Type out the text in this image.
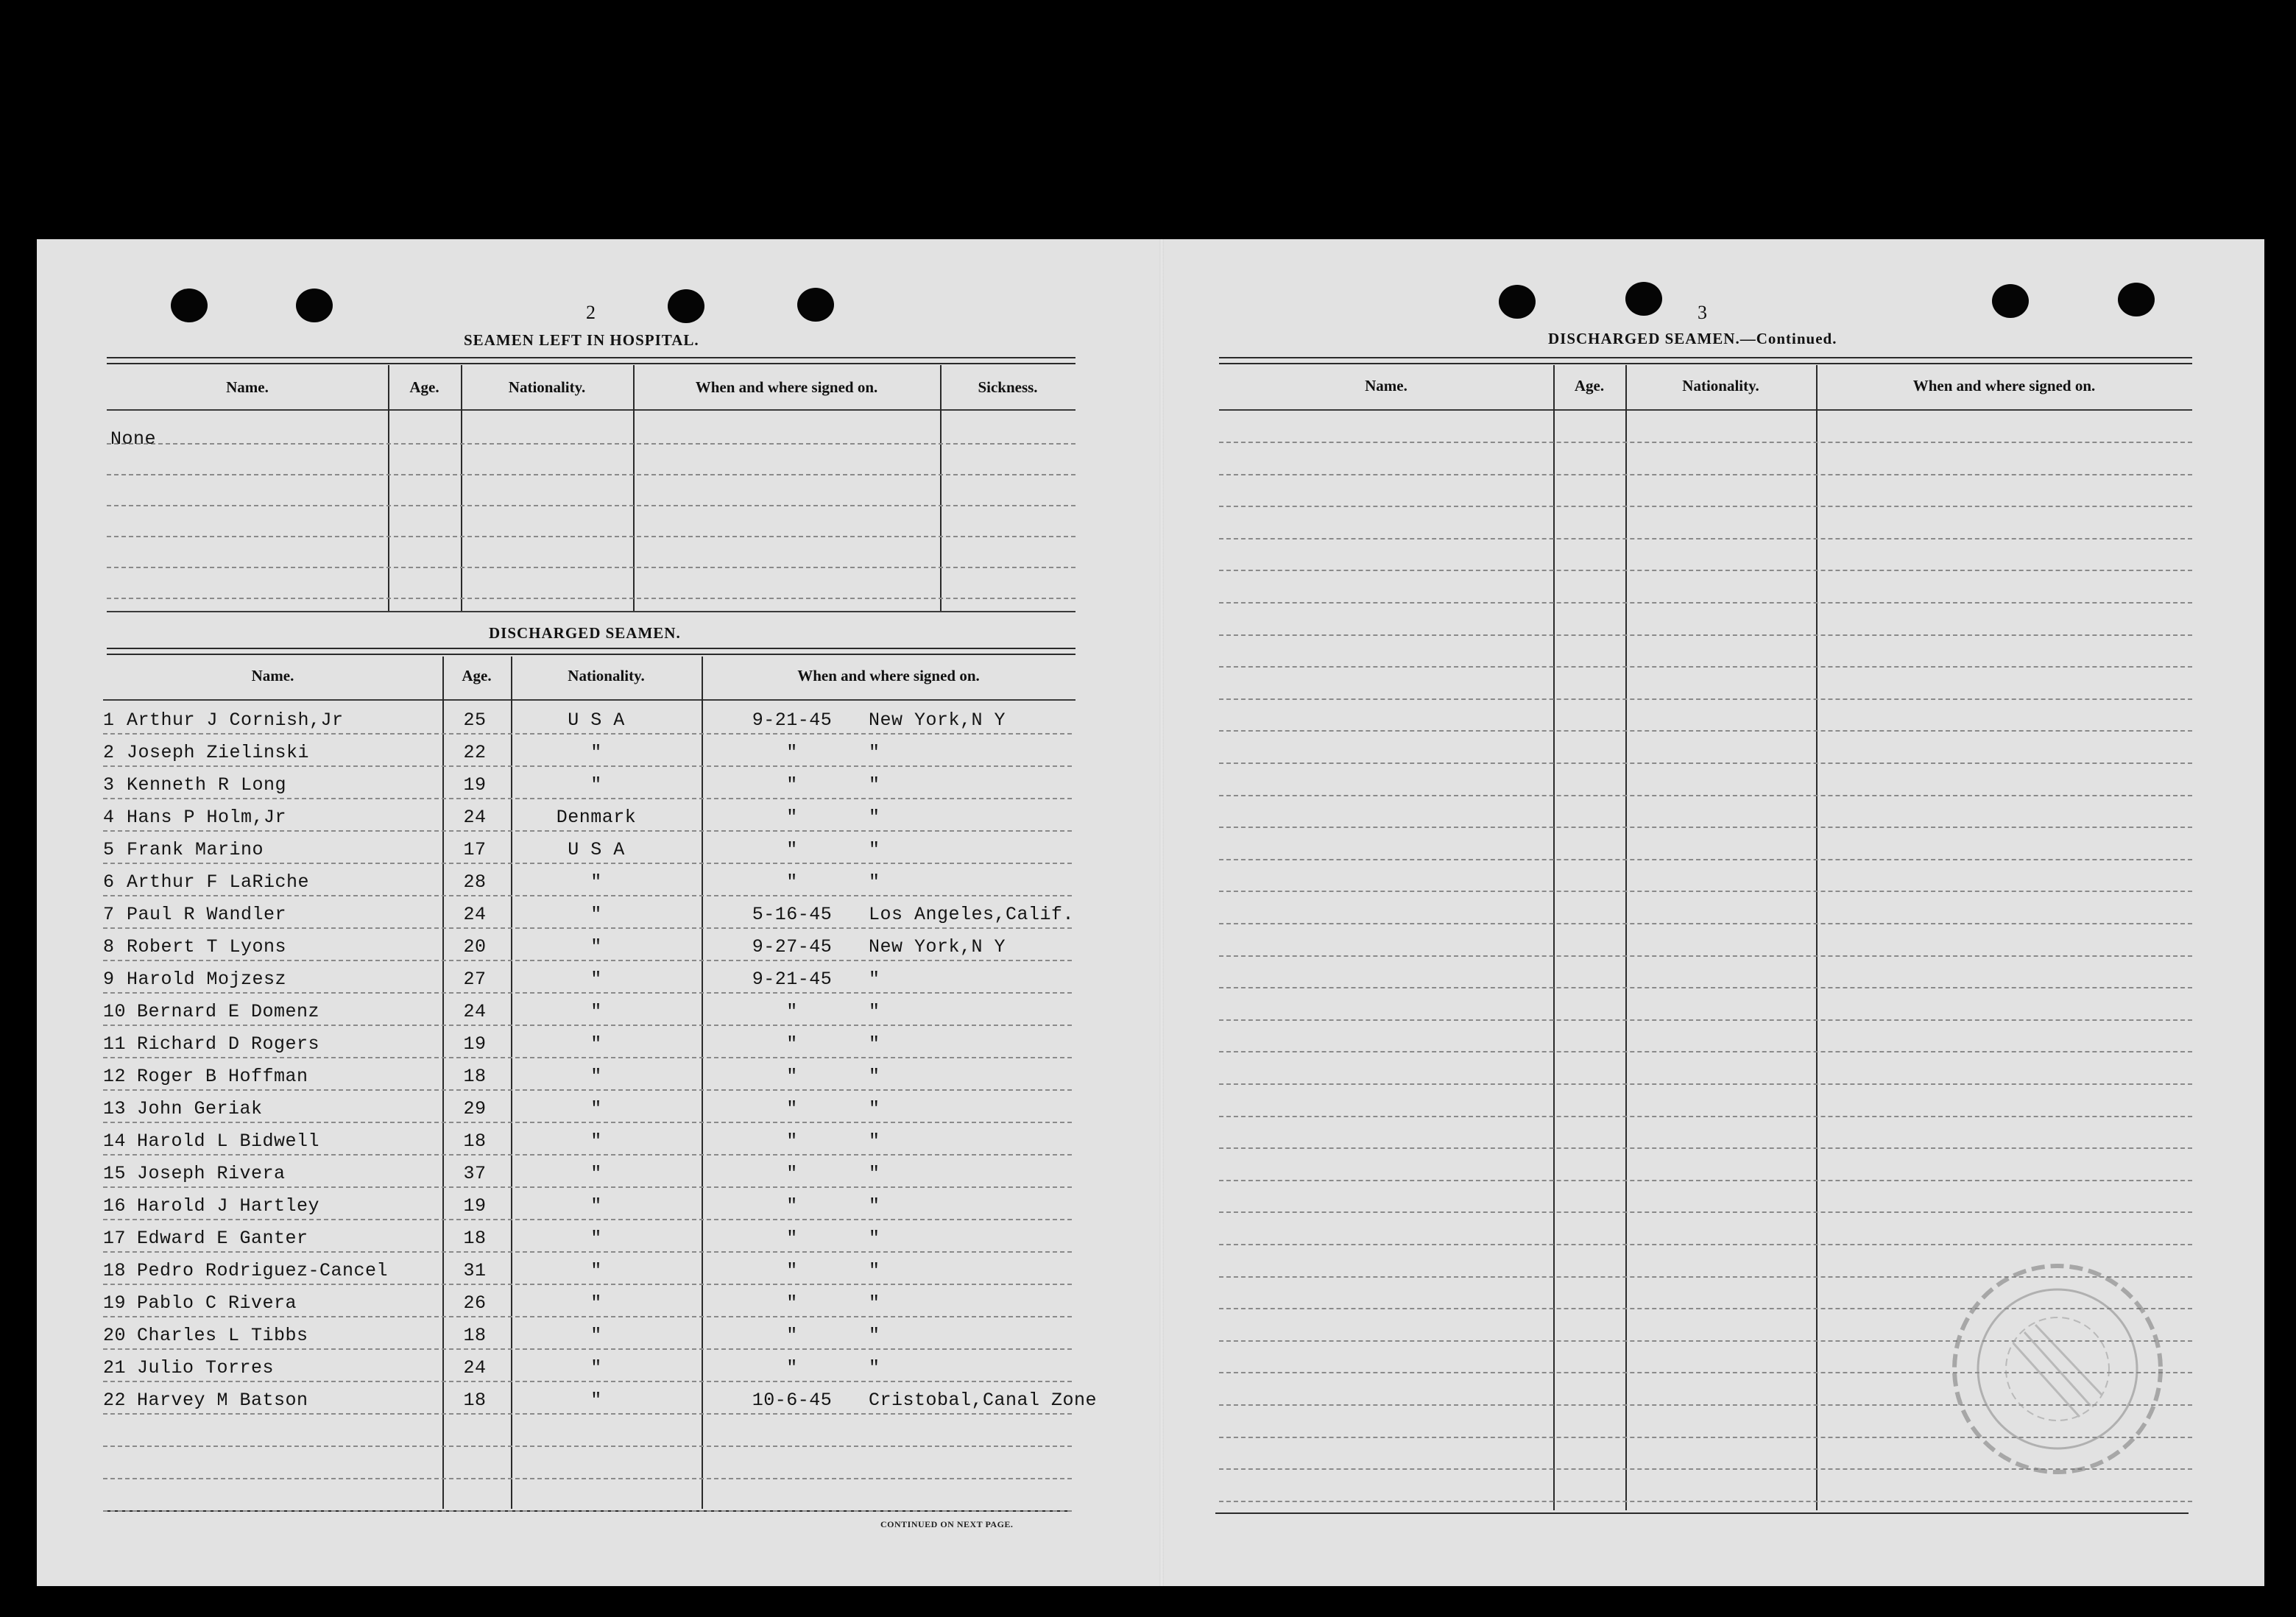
2
SEAMEN LEFT IN HOSPITAL.
Name.	Age.	Nationality.	When and where signed on.	Sickness.
None
DISCHARGED SEAMEN.
Name.	Age.	Nationality.	When and where signed on.
1 Arthur J Cornish,Jr	25	U S A	9-21-45	New York,N Y
2 Joseph Zielinski	22	"	"	"
3 Kenneth R Long	19	"	"	"
4 Hans P Holm,Jr	24	Denmark	"	"
5 Frank Marino	17	U S A	"	"
6 Arthur F LaRiche	28	"	"	"
7 Paul R Wandler	24	"	5-16-45	Los Angeles,Calif.
8 Robert T Lyons	20	"	9-27-45	New York,N Y
9 Harold Mojzesz	27	"	9-21-45	"
10 Bernard E Domenz	24	"	"	"
11 Richard D Rogers	19	"	"	"
12 Roger B Hoffman	18	"	"	"
13 John Geriak	29	"	"	"
14 Harold L Bidwell	18	"	"	"
15 Joseph Rivera	37	"	"	"
16 Harold J Hartley	19	"	"	"
17 Edward E Ganter	18	"	"	"
18 Pedro Rodriguez-Cancel	31	"	"	"
19 Pablo C Rivera	26	"	"	"
20 Charles L Tibbs	18	"	"	"
21 Julio Torres	24	"	"	"
22 Harvey M Batson	18	"	10-6-45	Cristobal,Canal Zone
CONTINUED ON NEXT PAGE.
3
DISCHARGED SEAMEN.—Continued.
Name.	Age.	Nationality.	When and where signed on.
